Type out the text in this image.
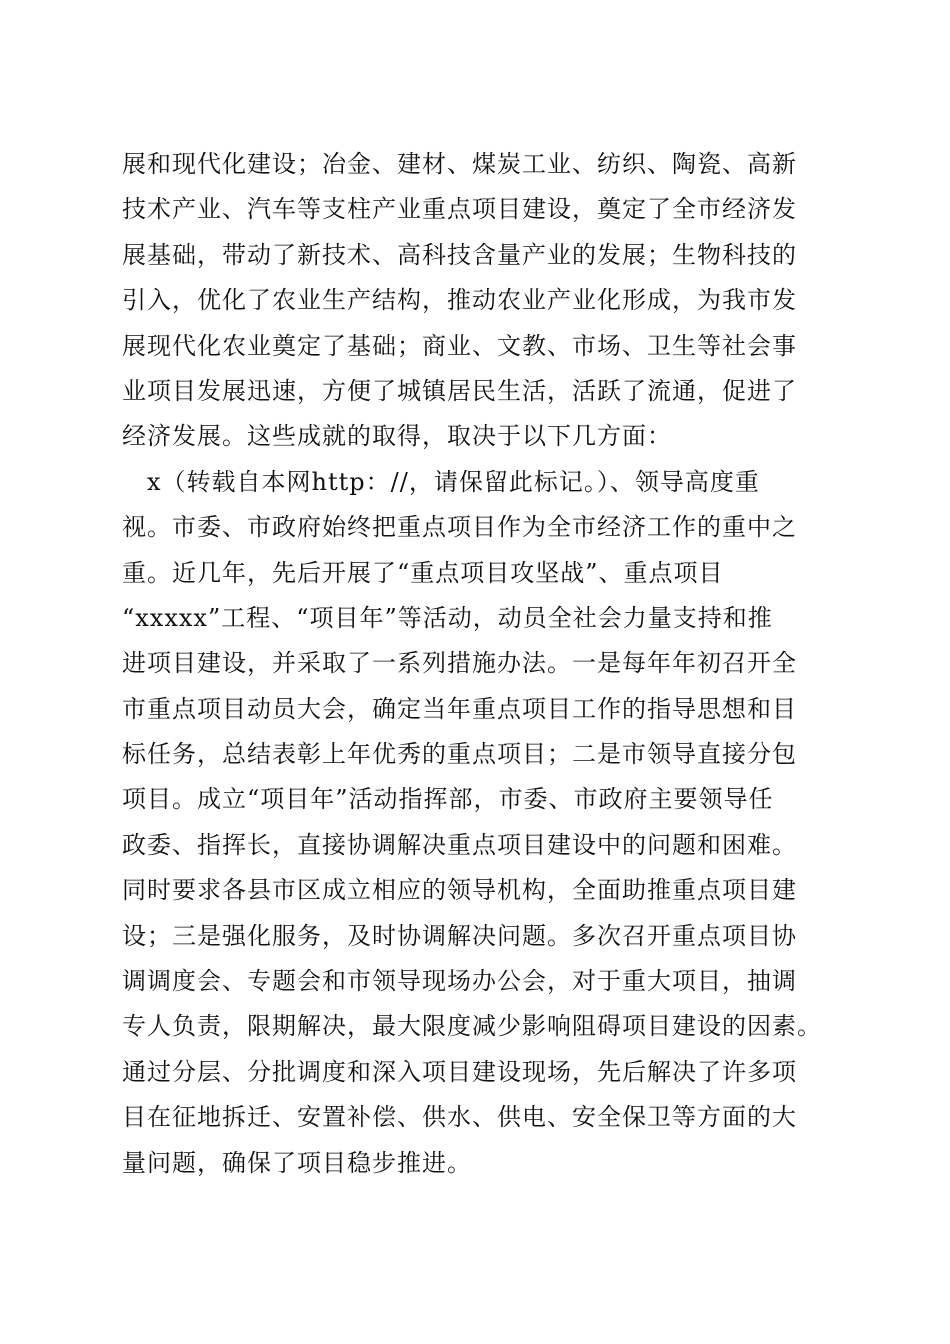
展和现代化建设；冶金、建材、煤炭工业、纺织、陶瓷、高新
技术产业、汽车等支柱产业重点项目建设，奠定了全市经济发
展基础，带动了新技术、高科技含量产业的发展；生物科技的
引入，优化了农业生产结构，推动农业产业化形成，为我市发
展现代化农业奠定了基础；商业、文教、市场、卫生等社会事
业项目发展迅速，方便了城镇居民生活，活跃了流通，促进了
经济发展。这些成就的取得，取决于以下几方面：
　x（转载自本网http：//，请保留此标记。）、领导高度重
视。市委、市政府始终把重点项目作为全市经济工作的重中之
重。近几年，先后开展了“重点项目攻坚战”、重点项目
“xxxxx”工程、“项目年”等活动，动员全社会力量支持和推
进项目建设，并采取了一系列措施办法。一是每年年初召开全
市重点项目动员大会，确定当年重点项目工作的指导思想和目
标任务，总结表彰上年优秀的重点项目；二是市领导直接分包
项目。成立“项目年”活动指挥部，市委、市政府主要领导任
政委、指挥长，直接协调解决重点项目建设中的问题和困难。
同时要求各县市区成立相应的领导机构，全面助推重点项目建
设；三是强化服务，及时协调解决问题。多次召开重点项目协
调调度会、专题会和市领导现场办公会，对于重大项目，抽调
专人负责，限期解决，最大限度减少影响阻碍项目建设的因素。
通过分层、分批调度和深入项目建设现场，先后解决了许多项
目在征地拆迁、安置补偿、供水、供电、安全保卫等方面的大
量问题，确保了项目稳步推进。
